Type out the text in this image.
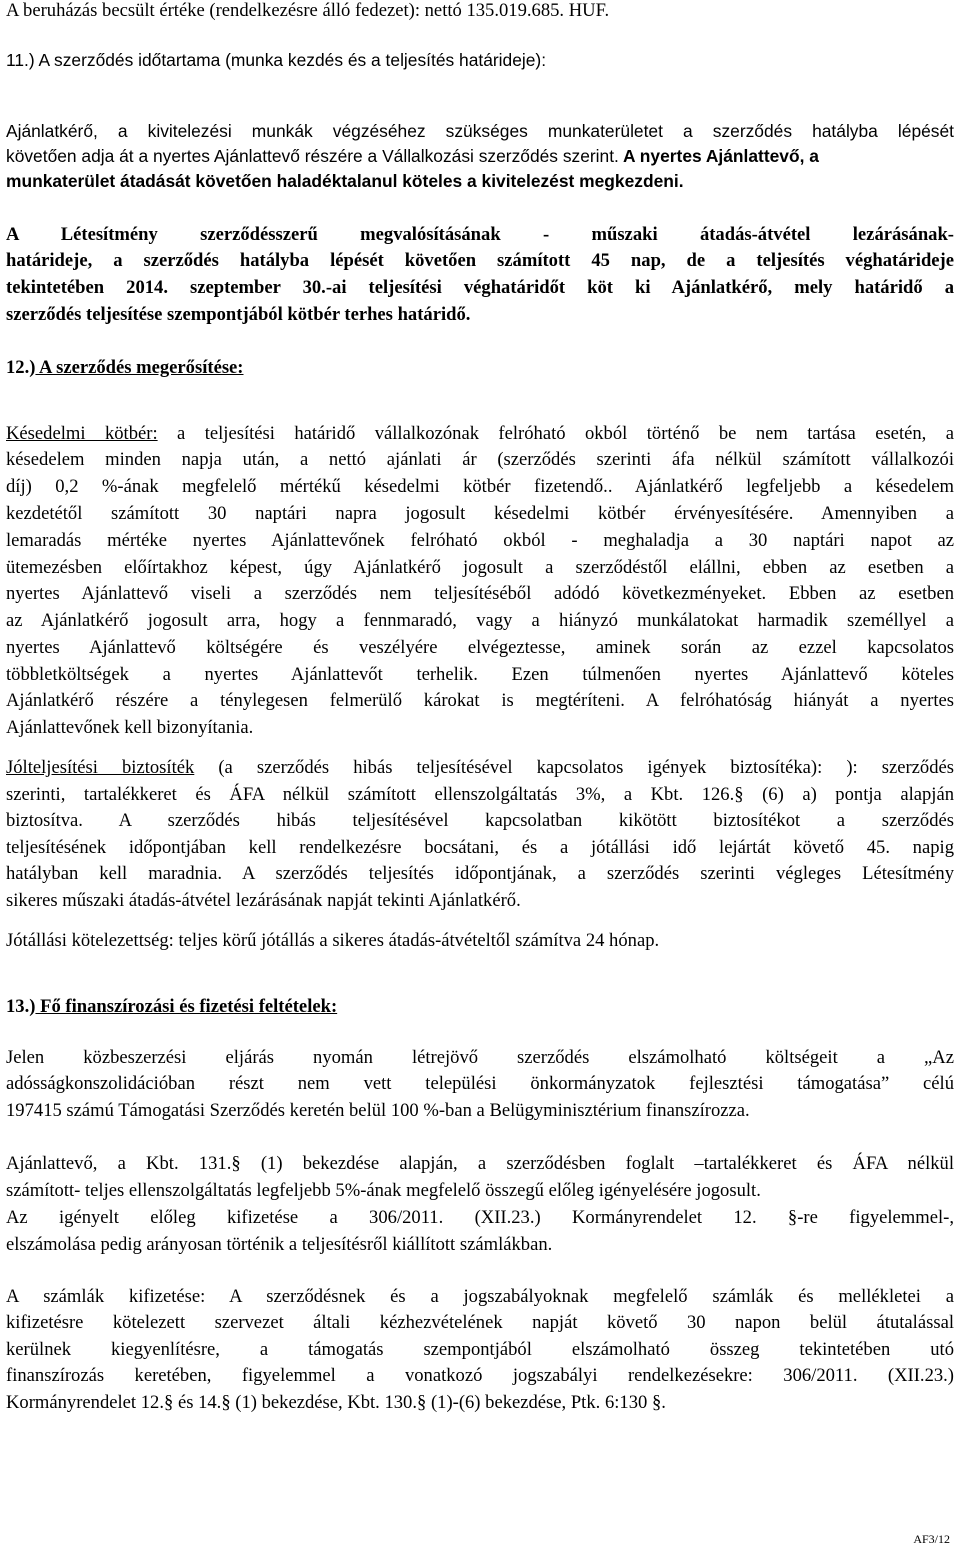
A beruházás becsült értéke (rendelkezésre álló fedezet): nettó 135.019.685. HUF.
11.) A szerződés időtartama (munka kezdés és a teljesítés határideje):
Ajánlatkérő, a kivitelezési munkák végzéséhez szükséges munkaterületet a szerződés hatályba lépését
követően adja át a nyertes Ajánlattevő részére a Vállalkozási szerződés szerint. A nyertes Ajánlattevő, a
munkaterület átadását követően haladéktalanul köteles a kivitelezést megkezdeni.
A Létesítmény szerződésszerű megvalósításának - műszaki átadás-átvétel lezárásának-
határideje, a szerződés hatályba lépését követően számított 45 nap, de a teljesítés véghatárideje
tekintetében 2014. szeptember 30.-ai teljesítési véghatáridőt köt ki Ajánlatkérő, mely határidő a
szerződés teljesítése szempontjából kötbér terhes határidő.
12.) A szerződés megerősítése:
Késedelmi kötbér: a teljesítési határidő vállalkozónak felróható okból történő be nem tartása esetén, a
késedelem minden napja után, a nettó ajánlati ár (szerződés szerinti áfa nélkül számított vállalkozói
díj) 0,2 %-ának megfelelő mértékű késedelmi kötbér fizetendő.. Ajánlatkérő legfeljebb a késedelem
kezdetétől számított 30 naptári napra jogosult késedelmi kötbér érvényesítésére. Amennyiben a
lemaradás mértéke nyertes Ajánlattevőnek felróható okból - meghaladja a 30 naptári napot az
ütemezésben előírtakhoz képest, úgy Ajánlatkérő jogosult a szerződéstől elállni, ebben az esetben a
nyertes Ajánlattevő viseli a szerződés nem teljesítéséből adódó következményeket. Ebben az esetben
az Ajánlatkérő jogosult arra, hogy a fennmaradó, vagy a hiányzó munkálatokat harmadik személlyel a
nyertes Ajánlattevő költségére és veszélyére elvégeztesse, aminek során az ezzel kapcsolatos
többletköltségek a nyertes Ajánlattevőt terhelik. Ezen túlmenően nyertes Ajánlattevő köteles
Ajánlatkérő részére a ténylegesen felmerülő károkat is megtéríteni. A felróhatóság hiányát a nyertes
Ajánlattevőnek kell bizonyítania.
Jólteljesítési biztosíték (a szerződés hibás teljesítésével kapcsolatos igények biztosítéka): ): szerződés
szerinti, tartalékkeret és ÁFA nélkül számított ellenszolgáltatás 3%, a Kbt. 126.§ (6) a) pontja alapján
biztosítva. A szerződés hibás teljesítésével kapcsolatban kikötött biztosítékot a szerződés
teljesítésének időpontjában kell rendelkezésre bocsátani, és a jótállási idő lejártát követő 45. napig
hatályban kell maradnia. A szerződés teljesítés időpontjának, a szerződés szerinti végleges Létesítmény
sikeres műszaki átadás-átvétel lezárásának napját tekinti Ajánlatkérő.
Jótállási kötelezettség: teljes körű jótállás a sikeres átadás-átvételtől számítva 24 hónap.
13.) Fő finanszírozási és fizetési feltételek:
Jelen közbeszerzési eljárás nyomán létrejövő szerződés elszámolható költségeit a „Az
adósságkonszolidációban részt nem vett települési önkormányzatok fejlesztési támogatása” célú
197415 számú Támogatási Szerződés keretén belül 100 %-ban a Belügyminisztérium finanszírozza.
Ajánlattevő, a Kbt. 131.§ (1) bekezdése alapján, a szerződésben foglalt –tartalékkeret és ÁFA nélkül
számított- teljes ellenszolgáltatás legfeljebb 5%-ának megfelelő összegű előleg igényelésére jogosult.
Az igényelt előleg kifizetése a 306/2011. (XII.23.) Kormányrendelet 12. §-re figyelemmel-,
elszámolása pedig arányosan történik a teljesítésről kiállított számlákban.
A számlák kifizetése: A szerződésnek és a jogszabályoknak megfelelő számlák és mellékletei a
kifizetésre kötelezett szervezet általi kézhezvételének napját követő 30 napon belül átutalással
kerülnek kiegyenlítésre, a támogatás szempontjából elszámolható összeg tekintetében utó
finanszírozás keretében, figyelemmel a vonatkozó jogszabályi rendelkezésekre: 306/2011. (XII.23.)
Kormányrendelet 12.§ és 14.§ (1) bekezdése, Kbt. 130.§ (1)-(6) bekezdése, Ptk. 6:130 §.
AF3/12
